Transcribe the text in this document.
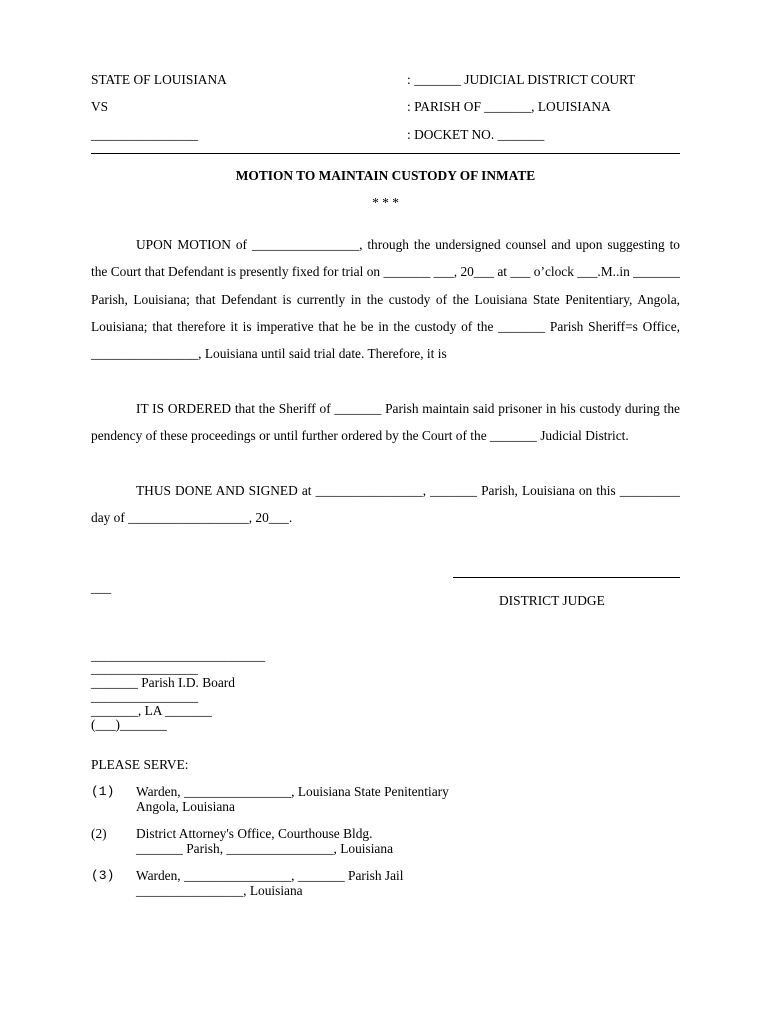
STATE OF LOUISIANA	: _______ JUDICIAL DISTRICT COURT
VS	: PARISH OF _______, LOUISIANA
________________	: DOCKET NO. _______
MOTION TO MAINTAIN CUSTODY OF INMATE
* * *
UPON MOTION of ________________, through the undersigned counsel and upon suggesting to the Court that Defendant is presently fixed for trial on _______ ___, 20___ at ___ o’clock ___.M..in _______ Parish, Louisiana; that Defendant is currently in the custody of the Louisiana State Penitentiary, Angola, Louisiana; that therefore it is imperative that he be in the custody of the _______ Parish Sheriff=s Office, ________________, Louisiana until said trial date. Therefore, it is
IT IS ORDERED that the Sheriff of _______ Parish maintain said prisoner in his custody during the pendency of these proceedings or until further ordered by the Court of the _______ Judicial District.
THUS DONE AND SIGNED at ________________, _______ Parish, Louisiana on this _________ day of __________________, 20___.
___
DISTRICT JUDGE
__________________________
________________
_______ Parish I.D. Board
________________
_______, LA _______
(___)_______
PLEASE SERVE:
(1) Warden, ________________, Louisiana State Penitentiary
Angola, Louisiana
(2) District Attorney's Office, Courthouse Bldg.
_______ Parish, ________________, Louisiana
(3) Warden, ________________, _______ Parish Jail
________________, Louisiana
